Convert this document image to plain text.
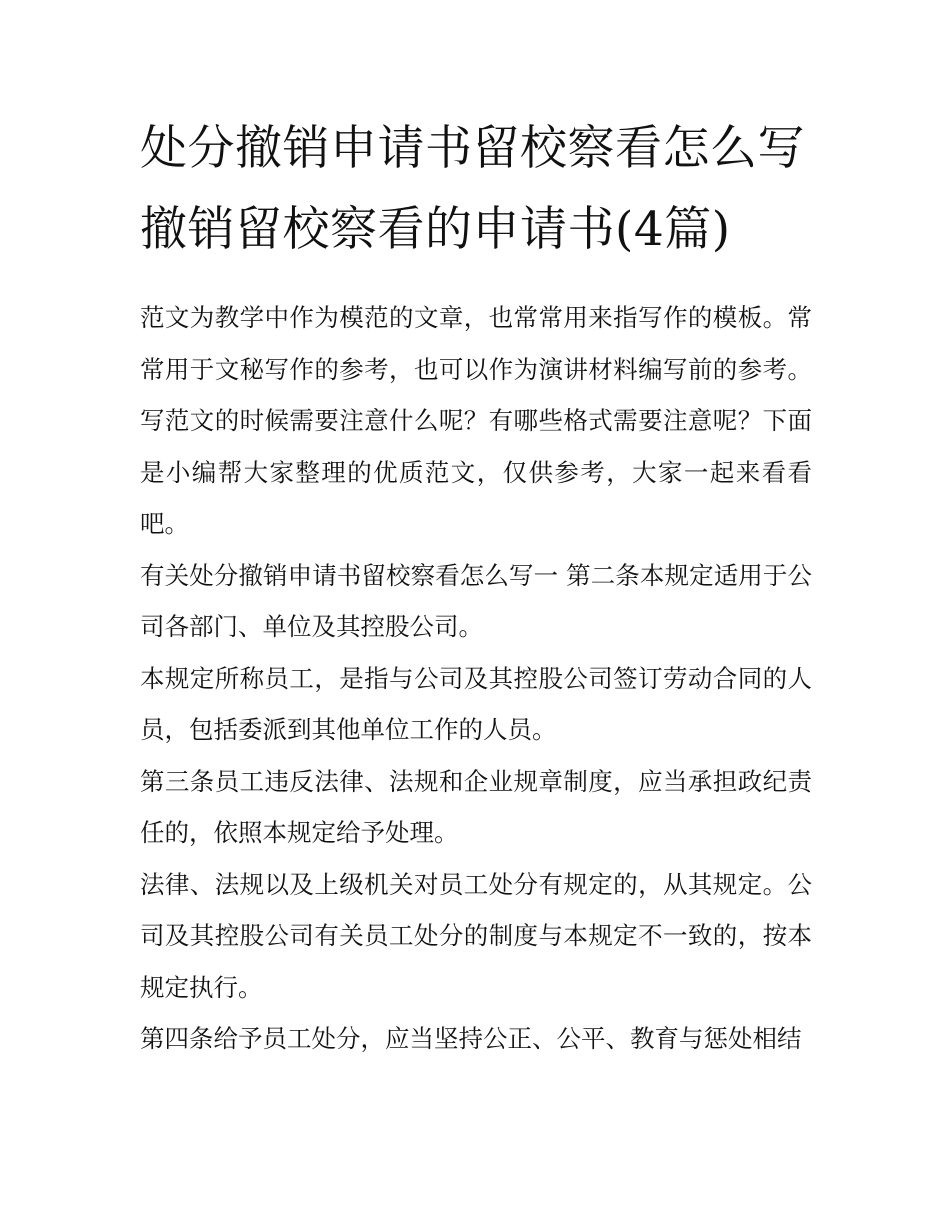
处分撤销申请书留校察看怎么写 撤销留校察看的申请书(4篇)

范文为教学中作为模范的文章，也常常用来指写作的模板。常常用于文秘写作的参考，也可以作为演讲材料编写前的参考。写范文的时候需要注意什么呢？有哪些格式需要注意呢？下面是小编帮大家整理的优质范文，仅供参考，大家一起来看看吧。

有关处分撤销申请书留校察看怎么写一 第二条本规定适用于公司各部门、单位及其控股公司。

本规定所称员工，是指与公司及其控股公司签订劳动合同的人员，包括委派到其他单位工作的人员。

第三条员工违反法律、法规和企业规章制度，应当承担政纪责任的，依照本规定给予处理。

法律、法规以及上级机关对员工处分有规定的，从其规定。公司及其控股公司有关员工处分的制度与本规定不一致的，按本规定执行。

第四条给予员工处分，应当坚持公正、公平、教育与惩处相结
